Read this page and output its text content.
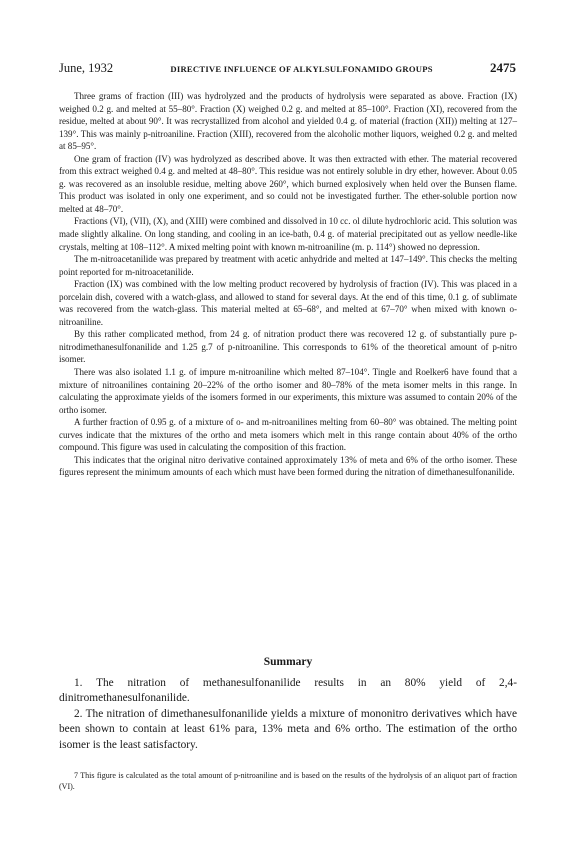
June, 1932	DIRECTIVE INFLUENCE OF ALKYLSULFONAMIDO GROUPS	2475

Three grams of fraction (III) was hydrolyzed and the products of hydrolysis were separated as above. Fraction (IX) weighed 0.2 g. and melted at 55–80°. Fraction (X) weighed 0.2 g. and melted at 85–100°. Fraction (XI), recovered from the residue, melted at about 90°. It was recrystallized from alcohol and yielded 0.4 g. of material (fraction (XII)) melting at 127–139°. This was mainly p-nitroaniline. Fraction (XIII), recovered from the alcoholic mother liquors, weighed 0.2 g. and melted at 85–95°.

One gram of fraction (IV) was hydrolyzed as described above. It was then extracted with ether. The material recovered from this extract weighed 0.4 g. and melted at 48–80°. This residue was not entirely soluble in dry ether, however. About 0.05 g. was recovered as an insoluble residue, melting above 260°, which burned explosively when held over the Bunsen flame. This product was isolated in only one experiment, and so could not be investigated further. The ether-soluble portion now melted at 48–70°.

Fractions (VI), (VII), (X), and (XIII) were combined and dissolved in 10 cc. ol dilute hydrochloric acid. This solution was made slightly alkaline. On long standing, and cooling in an ice-bath, 0.4 g. of material precipitated out as yellow needle-like crystals, melting at 108–112°. A mixed melting point with known m-nitroaniline (m. p. 114°) showed no depression.

The m-nitroacetanilide was prepared by treatment with acetic anhydride and melted at 147–149°. This checks the melting point reported for m-nitroacetanilide.

Fraction (IX) was combined with the low melting product recovered by hydrolysis of fraction (IV). This was placed in a porcelain dish, covered with a watch-glass, and allowed to stand for several days. At the end of this time, 0.1 g. of sublimate was recovered from the watch-glass. This material melted at 65–68°, and melted at 67–70° when mixed with known o-nitroaniline.

By this rather complicated method, from 24 g. of nitration product there was recovered 12 g. of substantially pure p-nitrodimethanesulfonanilide and 1.25 g.7 of p-nitroaniline. This corresponds to 61% of the theoretical amount of p-nitro isomer.

There was also isolated 1.1 g. of impure m-nitroaniline which melted 87–104°. Tingle and Roelker6 have found that a mixture of nitroanilines containing 20–22% of the ortho isomer and 80–78% of the meta isomer melts in this range. In calculating the approximate yields of the isomers formed in our experiments, this mixture was assumed to contain 20% of the ortho isomer.

A further fraction of 0.95 g. of a mixture of o- and m-nitroanilines melting from 60–80° was obtained. The melting point curves indicate that the mixtures of the ortho and meta isomers which melt in this range contain about 40% of the ortho compound. This figure was used in calculating the composition of this fraction.

This indicates that the original nitro derivative contained approximately 13% of meta and 6% of the ortho isomer. These figures represent the minimum amounts of each which must have been formed during the nitration of dimethanesulfonanilide.

Summary

1. The nitration of methanesulfonanilide results in an 80% yield of 2,4-dinitromethanesulfonanilide.

2. The nitration of dimethanesulfonanilide yields a mixture of mononitro derivatives which have been shown to contain at least 61% para, 13% meta and 6% ortho. The estimation of the ortho isomer is the least satisfactory.

7 This figure is calculated as the total amount of p-nitroaniline and is based on the results of the hydrolysis of an aliquot part of fraction (VI).
